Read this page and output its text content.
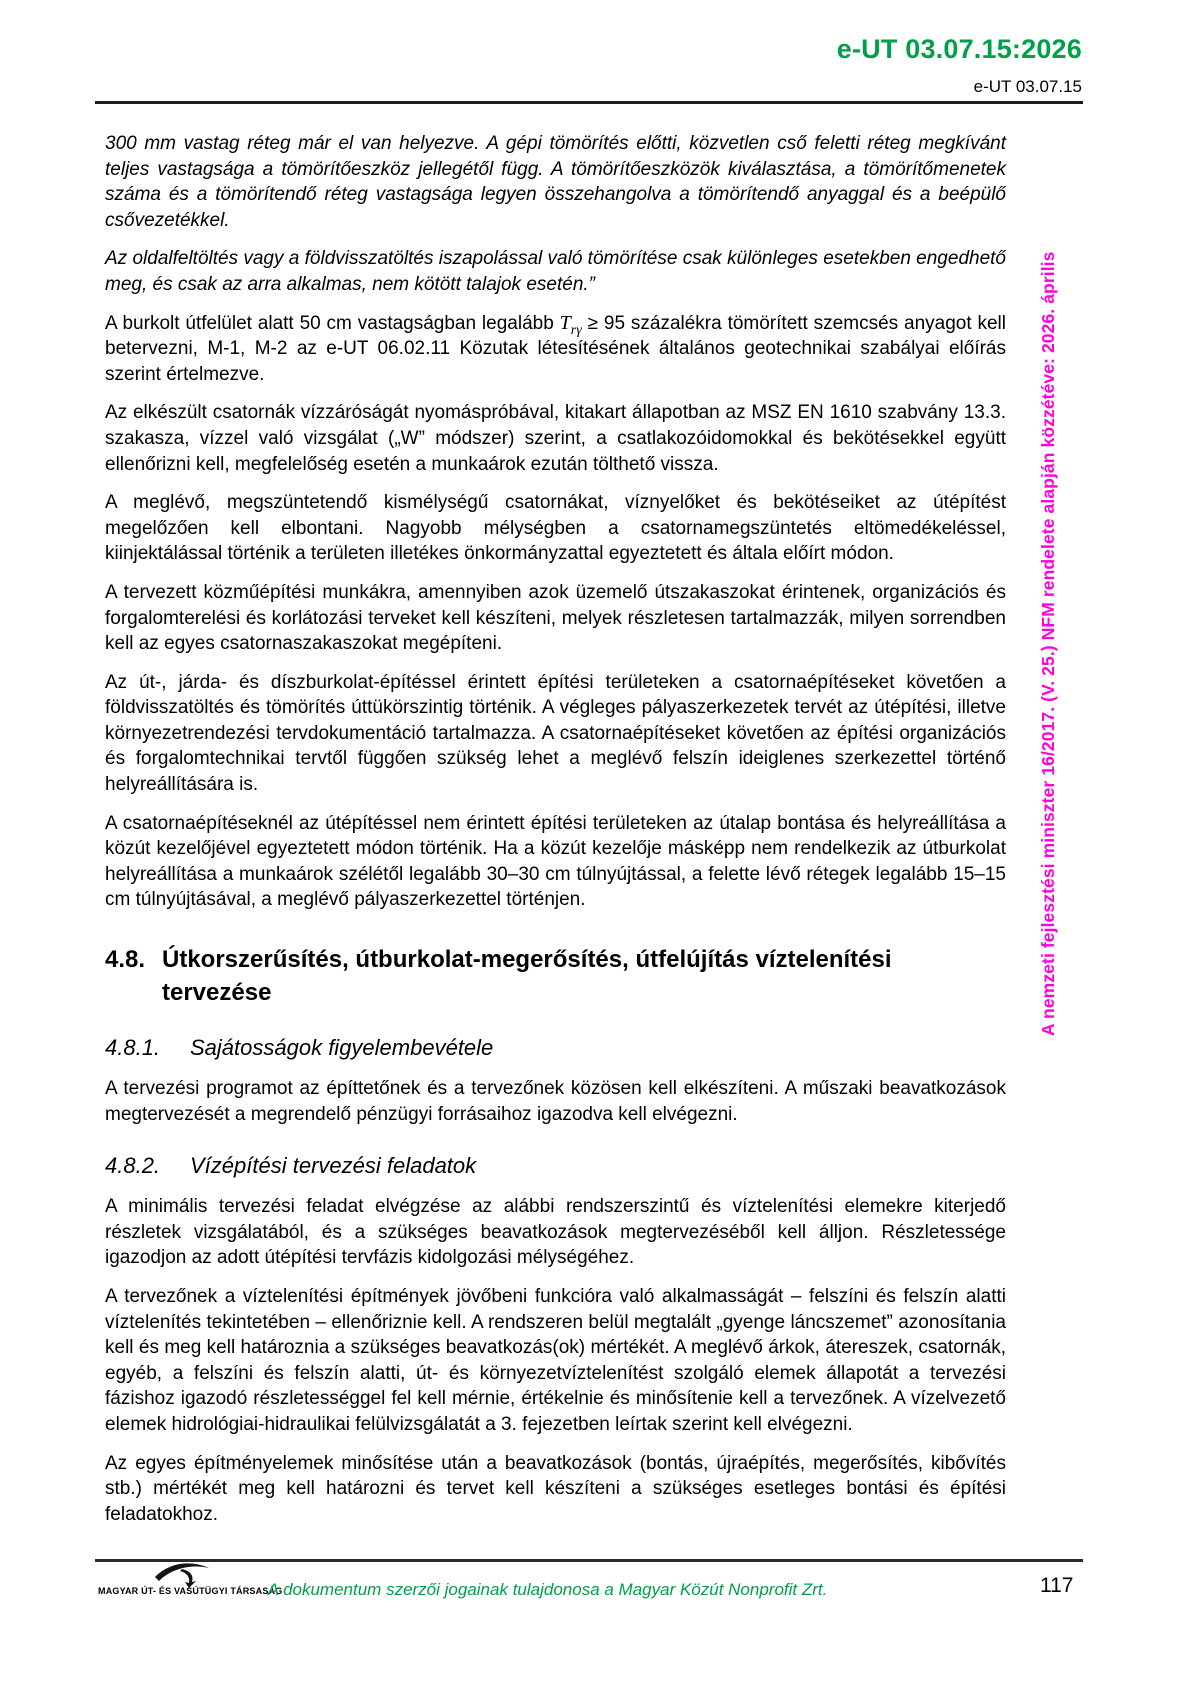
e-UT 03.07.15:2026
e-UT 03.07.15

300 mm vastag réteg már el van helyezve. A gépi tömörítés előtti, közvetlen cső feletti réteg megkívánt teljes vastagsága a tömörítőeszköz jellegétől függ. A tömörítőeszközök kiválasztása, a tömörítőmenetek száma és a tömörítendő réteg vastagsága legyen összehangolva a tömörítendő anyaggal és a beépülő csővezetékkel.

Az oldalfeltöltés vagy a földvisszatöltés iszapolással való tömörítése csak különleges esetekben engedhető meg, és csak az arra alkalmas, nem kötött talajok esetén.”

A burkolt útfelület alatt 50 cm vastagságban legalább $T_{r\gamma} \ge 95$ százalékra tömörített szemcsés anyagot kell betervezni, M-1, M-2 az e-UT 06.02.11 Közutak létesítésének általános geotechnikai szabályai előírás szerint értelmezve.

Az elkészült csatornák vízzáróságát nyomáspróbával, kitakart állapotban az MSZ EN 1610 szabvány 13.3. szakasza, vízzel való vizsgálat („W” módszer) szerint, a csatlakozóidomokkal és bekötésekkel együtt ellenőrizni kell, megfelelőség esetén a munkaárok ezután tölthető vissza.

A meglévő, megszüntetendő kismélységű csatornákat, víznyelőket és bekötéseiket az útépítést megelőzően kell elbontani. Nagyobb mélységben a csatornamegszüntetés eltömedékeléssel, kiinjektálással történik a területen illetékes önkormányzattal egyeztetett és általa előírt módon.

A tervezett közműépítési munkákra, amennyiben azok üzemelő útszakaszokat érintenek, organizációs és forgalomterelési és korlátozási terveket kell készíteni, melyek részletesen tartalmazzák, milyen sorrendben kell az egyes csatornaszakaszokat megépíteni.

Az út-, járda- és díszburkolat-építéssel érintett építési területeken a csatornaépítéseket követően a földvisszatöltés és tömörítés úttükörszintig történik. A végleges pályaszerkezetek tervét az útépítési, illetve környezetrendezési tervdokumentáció tartalmazza. A csatornaépítéseket követően az építési organizációs és forgalomtechnikai tervtől függően szükség lehet a meglévő felszín ideiglenes szerkezettel történő helyreállítására is.

A csatornaépítéseknél az útépítéssel nem érintett építési területeken az útalap bontása és helyreállítása a közút kezelőjével egyeztetett módon történik. Ha a közút kezelője másképp nem rendelkezik az útburkolat helyreállítása a munkaárok szélétől legalább 30–30 cm túlnyújtással, a felette lévő rétegek legalább 15–15 cm túlnyújtásával, a meglévő pályaszerkezettel történjen.

4.8. Útkorszerűsítés, útburkolat-megerősítés, útfelújítás víztelenítési tervezése
4.8.1.	Sajátosságok figyelembevétele

A tervezési programot az építtetőnek és a tervezőnek közösen kell elkészíteni. A műszaki beavatkozások megtervezését a megrendelő pénzügyi forrásaihoz igazodva kell elvégezni.

4.8.2.	Vízépítési tervezési feladatok

A minimális tervezési feladat elvégzése az alábbi rendszerszintű és víztelenítési elemekre kiterjedő részletek vizsgálatából, és a szükséges beavatkozások megtervezéséből kell álljon. Részletessége igazodjon az adott útépítési tervfázis kidolgozási mélységéhez.

A tervezőnek a víztelenítési építmények jövőbeni funkcióra való alkalmasságát – felszíni és felszín alatti víztelenítés tekintetében – ellenőriznie kell. A rendszeren belül megtalált „gyenge láncszemet” azonosítania kell és meg kell határoznia a szükséges beavatkozás(ok) mértékét. A meglévő árkok, átereszek, csatornák, egyéb, a felszíni és felszín alatti, út- és környezetvíztelenítést szolgáló elemek állapotát a tervezési fázishoz igazodó részletességgel fel kell mérnie, értékelnie és minősítenie kell a tervezőnek. A vízelvezető elemek hidrológiai-hidraulikai felülvizsgálatát a 3. fejezetben leírtak szerint kell elvégezni.

Az egyes építményelemek minősítése után a beavatkozások (bontás, újraépítés, megerősítés, kibővítés stb.) mértékét meg kell határozni és tervet kell készíteni a szükséges esetleges bontási és építési feladatokhoz.

A nemzeti fejlesztési miniszter 16/2017. (V. 25.) NFM rendelete alapján közzétéve: 2026. április
MAGYAR ÚT- ÉS VASÚTÜGYI TÁRSASÁG
A dokumentum szerzői jogainak tulajdonosa a Magyar Közút Nonprofit Zrt.	117
